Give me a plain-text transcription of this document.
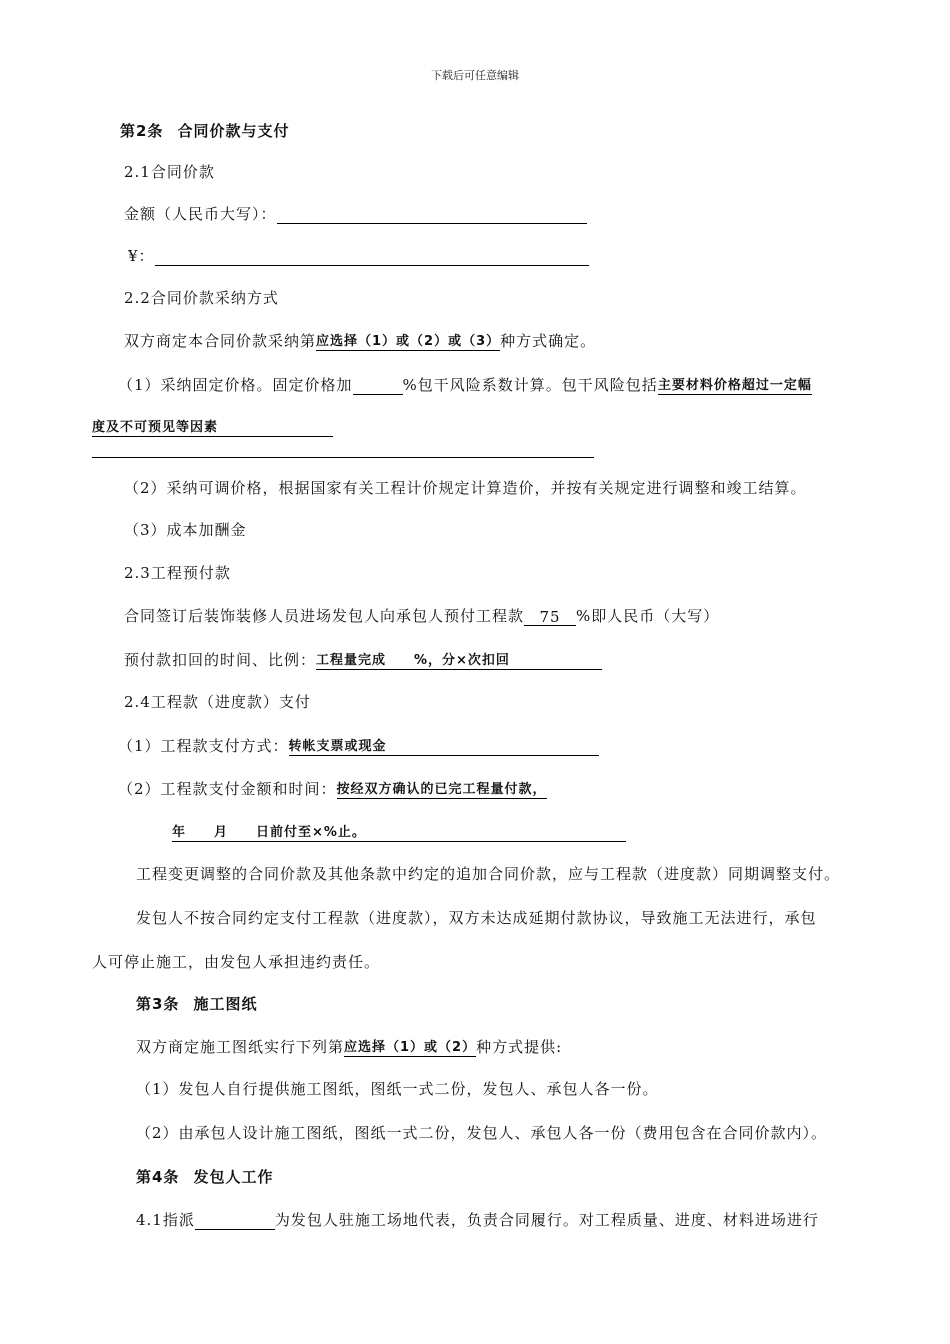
下载后可任意编辑
第2条 合同价款与支付
2.1合同价款
金额（人民币大写）：
¥：
2.2合同价款采纳方式
双方商定本合同价款采纳第应选择（1）或（2）或（3）种方式确定。
（1）采纳固定价格。固定价格加	%包干风险系数计算。包干风险包括主要材料价格超过一定幅
度及不可预见等因素
（2）采纳可调价格，根据国家有关工程计价规定计算造价，并按有关规定进行调整和竣工结算。
（3）成本加酬金
2.3工程预付款
合同签订后装饰装修人员进场发包人向承包人预付工程款 75 %即人民币（大写）
预付款扣回的时间、比例：工程量完成　　%，分×次扣回
2.4工程款（进度款）支付
（1）工程款支付方式：转帐支票或现金
（2）工程款支付金额和时间：按经双方确认的已完工程量付款，
年　　月　　日前付至×%止。
工程变更调整的合同价款及其他条款中约定的追加合同价款，应与工程款（进度款）同期调整支付。
发包人不按合同约定支付工程款（进度款），双方未达成延期付款协议，导致施工无法进行，承包
人可停止施工，由发包人承担违约责任。
第3条 施工图纸
双方商定施工图纸实行下列第应选择（1）或（2）种方式提供:
（1）发包人自行提供施工图纸，图纸一式二份，发包人、承包人各一份。
（2）由承包人设计施工图纸，图纸一式二份，发包人、承包人各一份（费用包含在合同价款内）。
第4条 发包人工作
4.1指派	为发包人驻施工场地代表，负责合同履行。对工程质量、进度、材料进场进行
